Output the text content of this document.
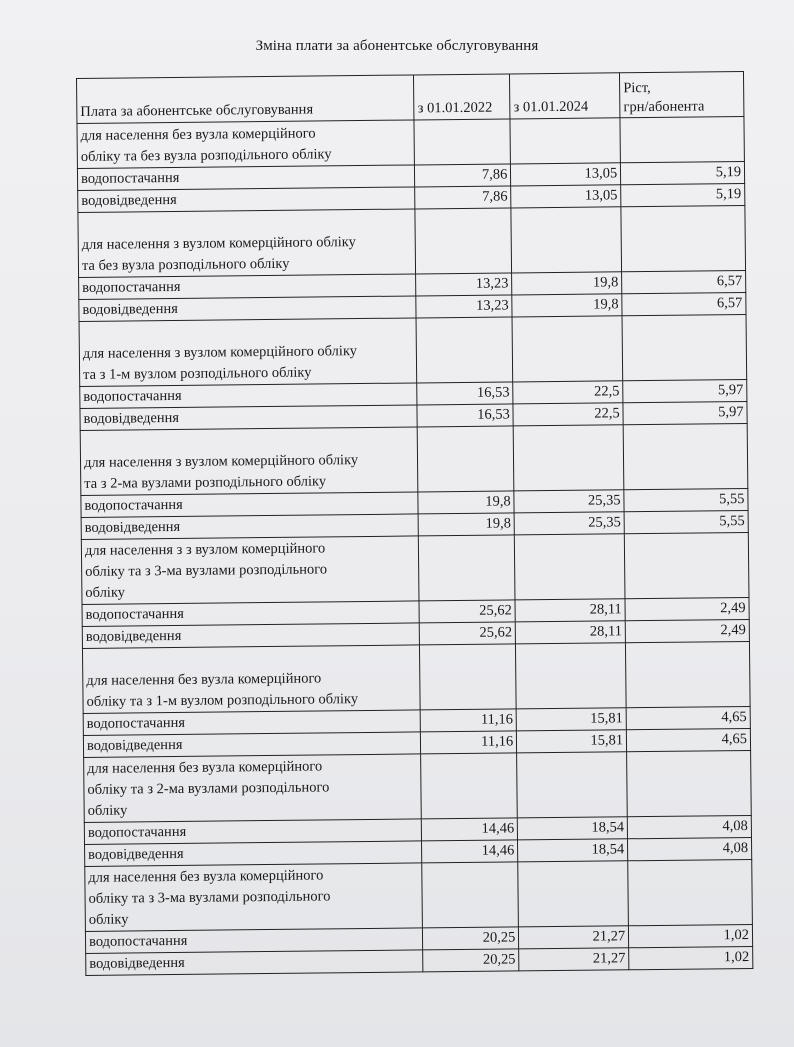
Зміна плати за абонентське обслуговування
Плата за абонентське обслуговування	з 01.01.2022	з 01.01.2024	Ріст,
грн/абонента
для населення без вузла комерційного
обліку та без вузла розподільного обліку			
водопостачання	7,86	13,05	5,19
водовідведення	7,86	13,05	5,19
для населення з вузлом комерційного обліку
та без вузла розподільного обліку			
водопостачання	13,23	19,8	6,57
водовідведення	13,23	19,8	6,57
для населення з вузлом комерційного обліку
та з 1-м вузлом розподільного обліку			
водопостачання	16,53	22,5	5,97
водовідведення	16,53	22,5	5,97
для населення з вузлом комерційного обліку
та з 2-ма вузлами розподільного обліку			
водопостачання	19,8	25,35	5,55
водовідведення	19,8	25,35	5,55
для населення з з вузлом комерційного
обліку та з 3-ма вузлами розподільного
обліку			
водопостачання	25,62	28,11	2,49
водовідведення	25,62	28,11	2,49
для населення без вузла комерційного
обліку та з 1-м вузлом розподільного обліку			
водопостачання	11,16	15,81	4,65
водовідведення	11,16	15,81	4,65
для населення без вузла комерційного
обліку та з 2-ма вузлами розподільного
обліку			
водопостачання	14,46	18,54	4,08
водовідведення	14,46	18,54	4,08
для населення без вузла комерційного
обліку та з 3-ма вузлами розподільного
обліку			
водопостачання	20,25	21,27	1,02
водовідведення	20,25	21,27	1,02
